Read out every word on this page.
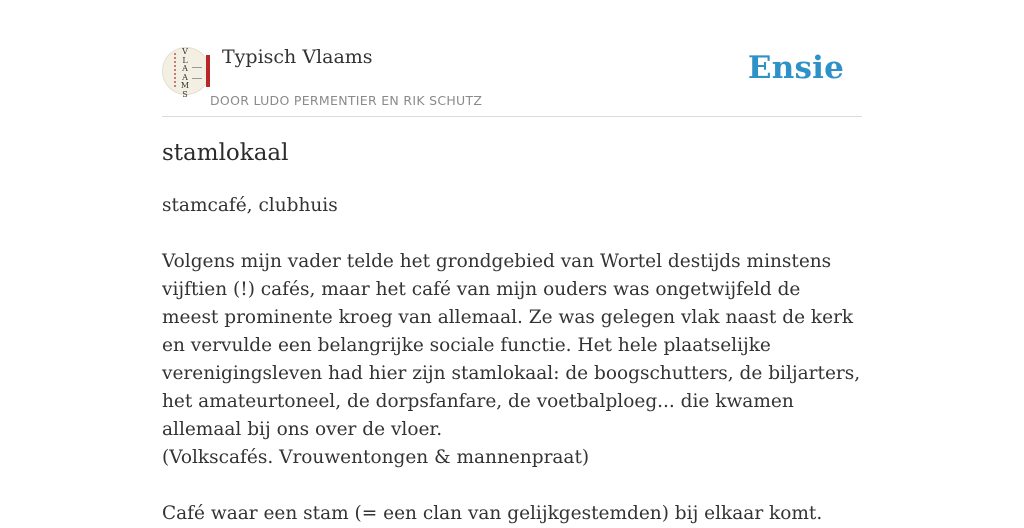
V
L
A
A
M
S
Typisch Vlaams
DOOR LUDO PERMENTIER EN RIK SCHUTZ
Ensie
stamlokaal

stamcafé, clubhuis

Volgens mijn vader telde het grondgebied van Wortel destijds minstens vijftien (!) cafés, maar het café van mijn ouders was ongetwijfeld de meest prominente kroeg van allemaal. Ze was gelegen vlak naast de kerk en vervulde een belangrijke sociale functie. Het hele plaatselijke verenigingsleven had hier zijn stamlokaal: de boogschutters, de biljarters, het amateurtoneel, de dorpsfanfare, de voetbalploeg... die kwamen allemaal bij ons over de vloer.

(Volkscafés. Vrouwentongen & mannenpraat)

Café waar een stam (= een clan van gelijkgestemden) bij elkaar komt.
